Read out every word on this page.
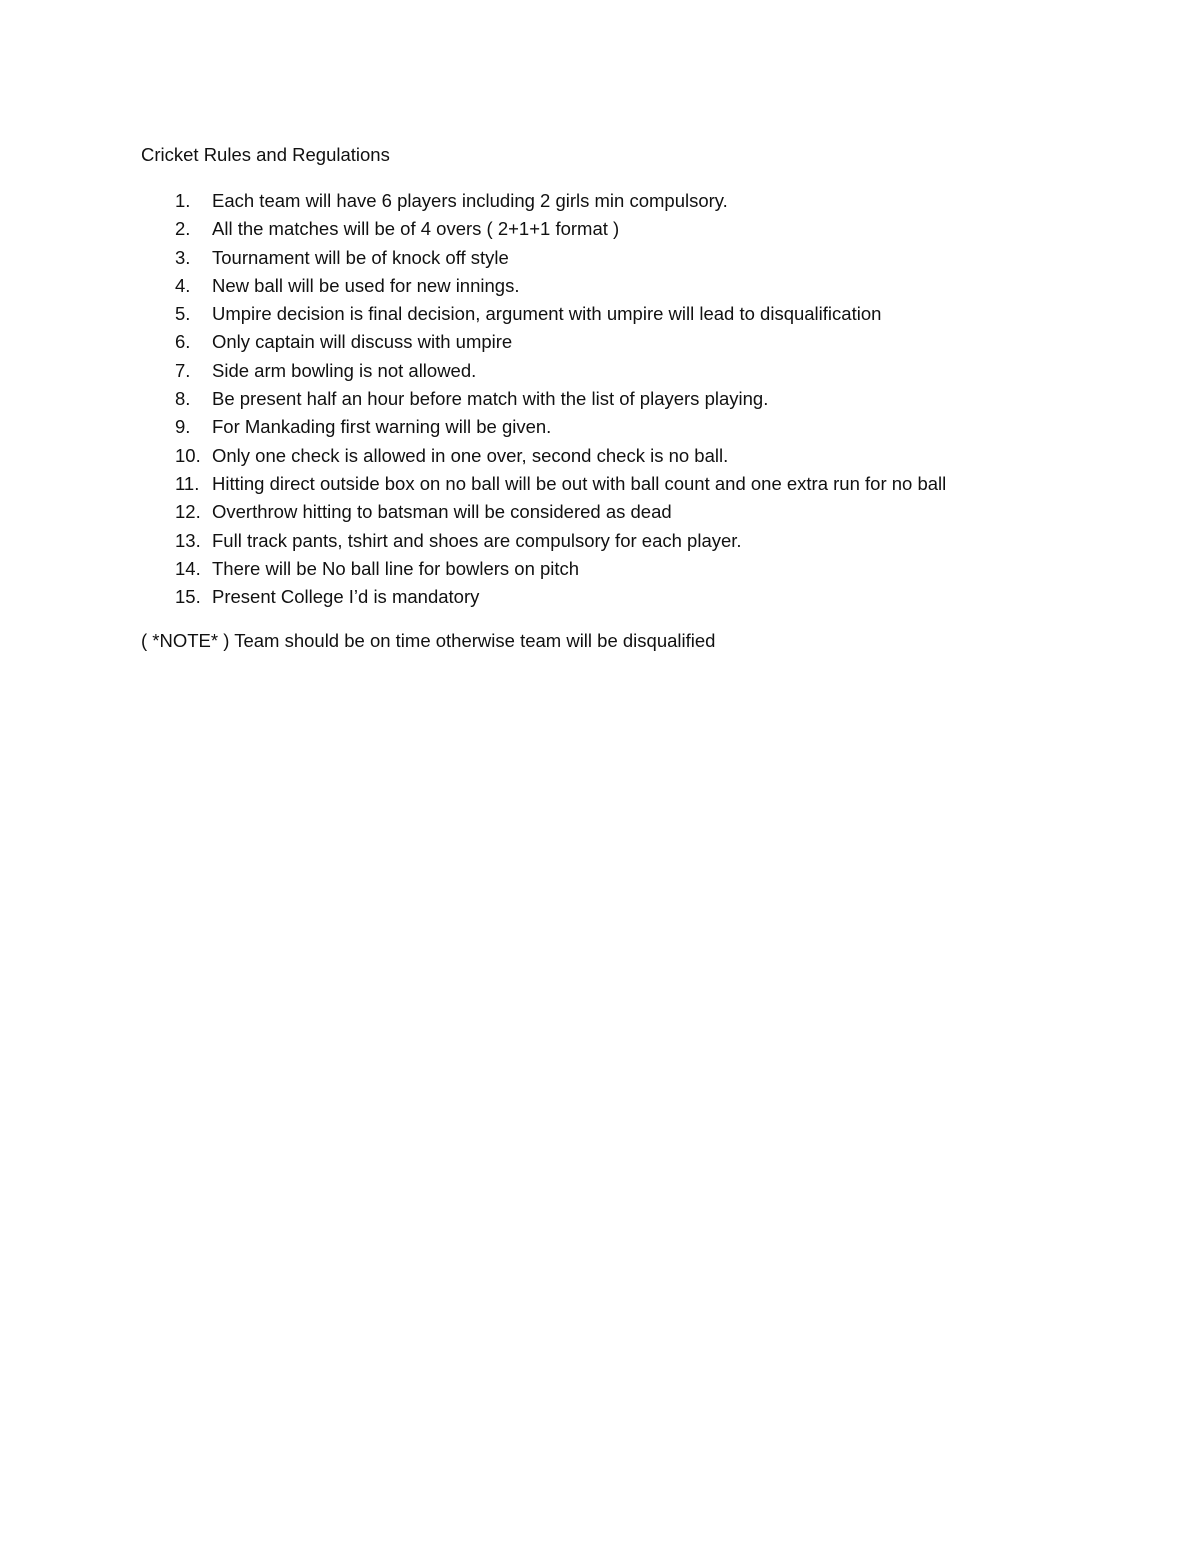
Cricket Rules and Regulations
1.	Each team will have 6 players including 2 girls min compulsory.
2.	All the matches will be of 4 overs ( 2+1+1 format )
3.	Tournament will be of knock off style
4.	New ball will be used for new innings.
5.	Umpire decision is final decision, argument with umpire will lead to disqualification
6.	Only captain will discuss with umpire
7.	Side arm bowling is not allowed.
8.	Be present half an hour before match with the list of players playing.
9.	For Mankading first warning will be given.
10. Only one check is allowed in one over, second check is no ball.
11. Hitting direct outside box on no ball will be out with ball count and one extra run for no ball
12. Overthrow hitting to batsman will be considered as dead
13. Full track pants, tshirt and shoes are compulsory for each player.
14. There will be No ball line for bowlers on pitch
15. Present College I’d is mandatory
( *NOTE* ) Team should be on time otherwise team will be disqualified
